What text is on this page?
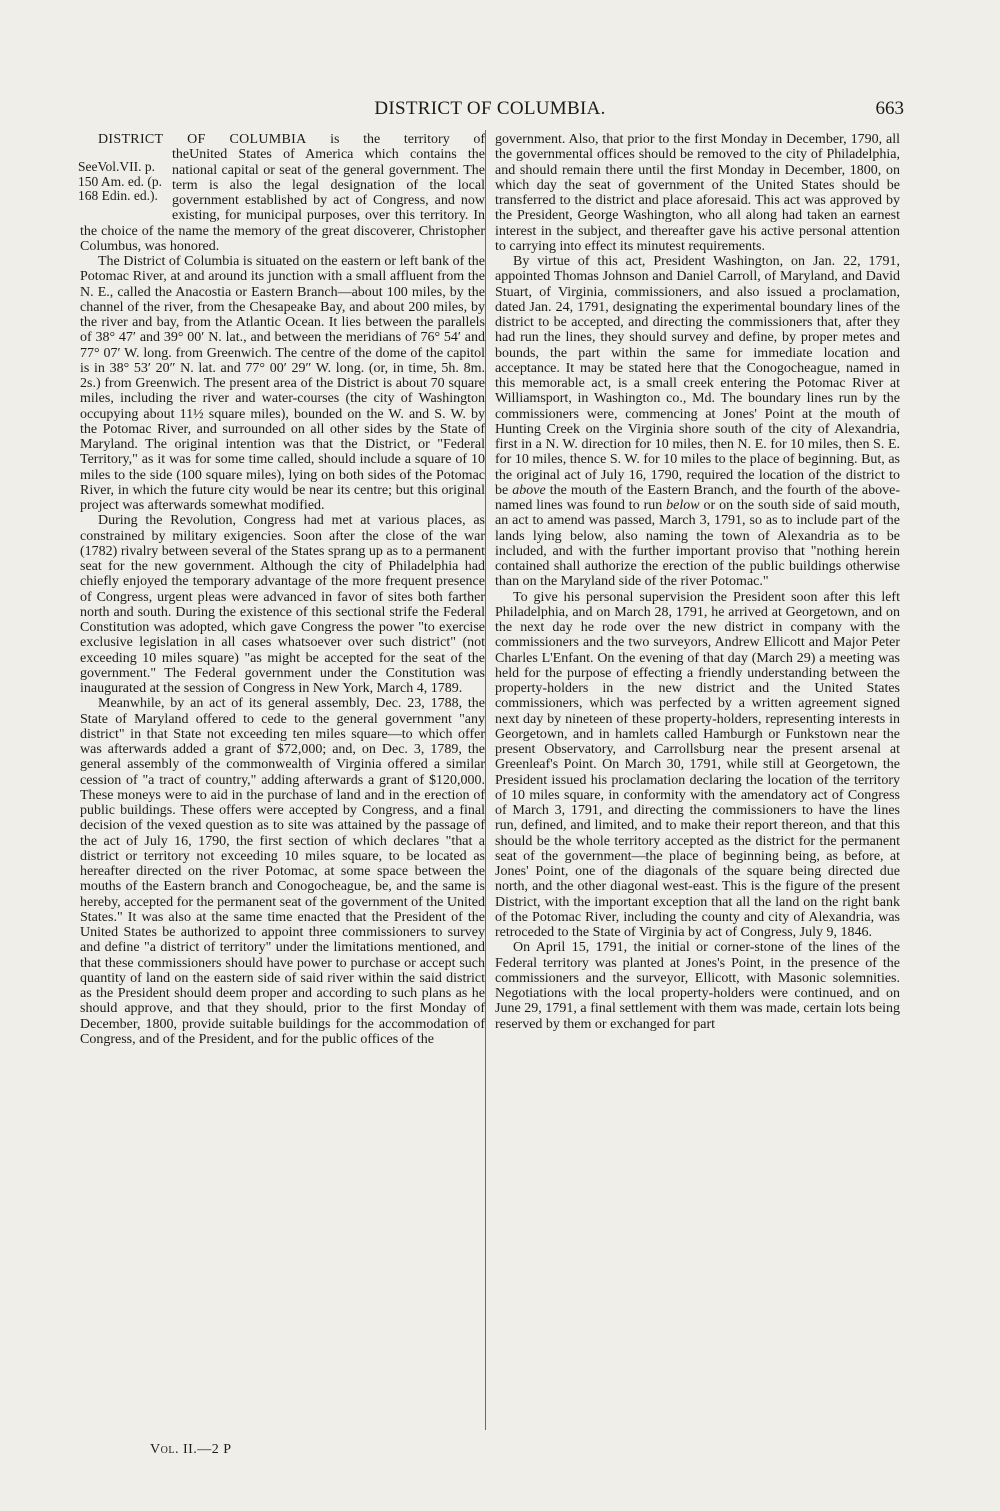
DISTRICT OF COLUMBIA.	663

DISTRICT OF COLUMBIA is the territory of the
SeeVol.VII. p. 150 Am. ed. (p. 168 Edin. ed.).
United States of America which contains the national capital or seat of the general government. The term is also the legal designation of the local government established by act of Congress, and now existing, for municipal purposes, over this territory. In the choice of the name the memory of the great discoverer, Christopher Columbus, was honored.

The District of Columbia is situated on the eastern or left bank of the Potomac River, at and around its junction with a small affluent from the N. E., called the Anacostia or Eastern Branch—about 100 miles, by the channel of the river, from the Chesapeake Bay, and about 200 miles, by the river and bay, from the Atlantic Ocean. It lies between the parallels of 38° 47′ and 39° 00′ N. lat., and between the meridians of 76° 54′ and 77° 07′ W. long. from Greenwich. The centre of the dome of the capitol is in 38° 53′ 20″ N. lat. and 77° 00′ 29″ W. long. (or, in time, 5h. 8m. 2s.) from Greenwich. The present area of the District is about 70 square miles, including the river and water-courses (the city of Washington occupying about 11½ square miles), bounded on the W. and S. W. by the Potomac River, and surrounded on all other sides by the State of Maryland. The original intention was that the District, or "Federal Territory," as it was for some time called, should include a square of 10 miles to the side (100 square miles), lying on both sides of the Potomac River, in which the future city would be near its centre; but this original project was afterwards somewhat modified.

During the Revolution, Congress had met at various places, as constrained by military exigencies. Soon after the close of the war (1782) rivalry between several of the States sprang up as to a permanent seat for the new government. Although the city of Philadelphia had chiefly enjoyed the temporary advantage of the more frequent presence of Congress, urgent pleas were advanced in favor of sites both farther north and south. During the existence of this sectional strife the Federal Constitution was adopted, which gave Congress the power "to exercise exclusive legislation in all cases whatsoever over such district" (not exceeding 10 miles square) "as might be accepted for the seat of the government." The Federal government under the Constitution was inaugurated at the session of Congress in New York, March 4, 1789.

Meanwhile, by an act of its general assembly, Dec. 23, 1788, the State of Maryland offered to cede to the general government "any district" in that State not exceeding ten miles square—to which offer was afterwards added a grant of $72,000; and, on Dec. 3, 1789, the general assembly of the commonwealth of Virginia offered a similar cession of "a tract of country," adding afterwards a grant of $120,000. These moneys were to aid in the purchase of land and in the erection of public buildings. These offers were accepted by Congress, and a final decision of the vexed question as to site was attained by the passage of the act of July 16, 1790, the first section of which declares "that a district or territory not exceeding 10 miles square, to be located as hereafter directed on the river Potomac, at some space between the mouths of the Eastern branch and Conogocheague, be, and the same is hereby, accepted for the permanent seat of the government of the United States." It was also at the same time enacted that the President of the United States be authorized to appoint three commissioners to survey and define "a district of territory" under the limitations mentioned, and that these commissioners should have power to purchase or accept such quantity of land on the eastern side of said river within the said district as the President should deem proper and according to such plans as he should approve, and that they should, prior to the first Monday of December, 1800, provide suitable buildings for the accommodation of Congress, and of the President, and for the public offices of the

government. Also, that prior to the first Monday in December, 1790, all the governmental offices should be removed to the city of Philadelphia, and should remain there until the first Monday in December, 1800, on which day the seat of government of the United States should be transferred to the district and place aforesaid. This act was approved by the President, George Washington, who all along had taken an earnest interest in the subject, and thereafter gave his active personal attention to carrying into effect its minutest requirements.

By virtue of this act, President Washington, on Jan. 22, 1791, appointed Thomas Johnson and Daniel Carroll, of Maryland, and David Stuart, of Virginia, commissioners, and also issued a proclamation, dated Jan. 24, 1791, designating the experimental boundary lines of the district to be accepted, and directing the commissioners that, after they had run the lines, they should survey and define, by proper metes and bounds, the part within the same for immediate location and acceptance. It may be stated here that the Conogocheague, named in this memorable act, is a small creek entering the Potomac River at Williamsport, in Washington co., Md. The boundary lines run by the commissioners were, commencing at Jones' Point at the mouth of Hunting Creek on the Virginia shore south of the city of Alexandria, first in a N. W. direction for 10 miles, then N. E. for 10 miles, then S. E. for 10 miles, thence S. W. for 10 miles to the place of beginning. But, as the original act of July 16, 1790, required the location of the district to be above the mouth of the Eastern Branch, and the fourth of the above-named lines was found to run below or on the south side of said mouth, an act to amend was passed, March 3, 1791, so as to include part of the lands lying below, also naming the town of Alexandria as to be included, and with the further important proviso that "nothing herein contained shall authorize the erection of the public buildings otherwise than on the Maryland side of the river Potomac."

To give his personal supervision the President soon after this left Philadelphia, and on March 28, 1791, he arrived at Georgetown, and on the next day he rode over the new district in company with the commissioners and the two surveyors, Andrew Ellicott and Major Peter Charles L'Enfant. On the evening of that day (March 29) a meeting was held for the purpose of effecting a friendly understanding between the property-holders in the new district and the United States commissioners, which was perfected by a written agreement signed next day by nineteen of these property-holders, representing interests in Georgetown, and in hamlets called Hamburgh or Funkstown near the present Observatory, and Carrollsburg near the present arsenal at Greenleaf's Point. On March 30, 1791, while still at Georgetown, the President issued his proclamation declaring the location of the territory of 10 miles square, in conformity with the amendatory act of Congress of March 3, 1791, and directing the commissioners to have the lines run, defined, and limited, and to make their report thereon, and that this should be the whole territory accepted as the district for the permanent seat of the government—the place of beginning being, as before, at Jones' Point, one of the diagonals of the square being directed due north, and the other diagonal west-east. This is the figure of the present District, with the important exception that all the land on the right bank of the Potomac River, including the county and city of Alexandria, was retroceded to the State of Virginia by act of Congress, July 9, 1846.

On April 15, 1791, the initial or corner-stone of the lines of the Federal territory was planted at Jones's Point, in the presence of the commissioners and the surveyor, Ellicott, with Masonic solemnities. Negotiations with the local property-holders were continued, and on June 29, 1791, a final settlement with them was made, certain lots being reserved by them or exchanged for part

Vol. II.—2 P
